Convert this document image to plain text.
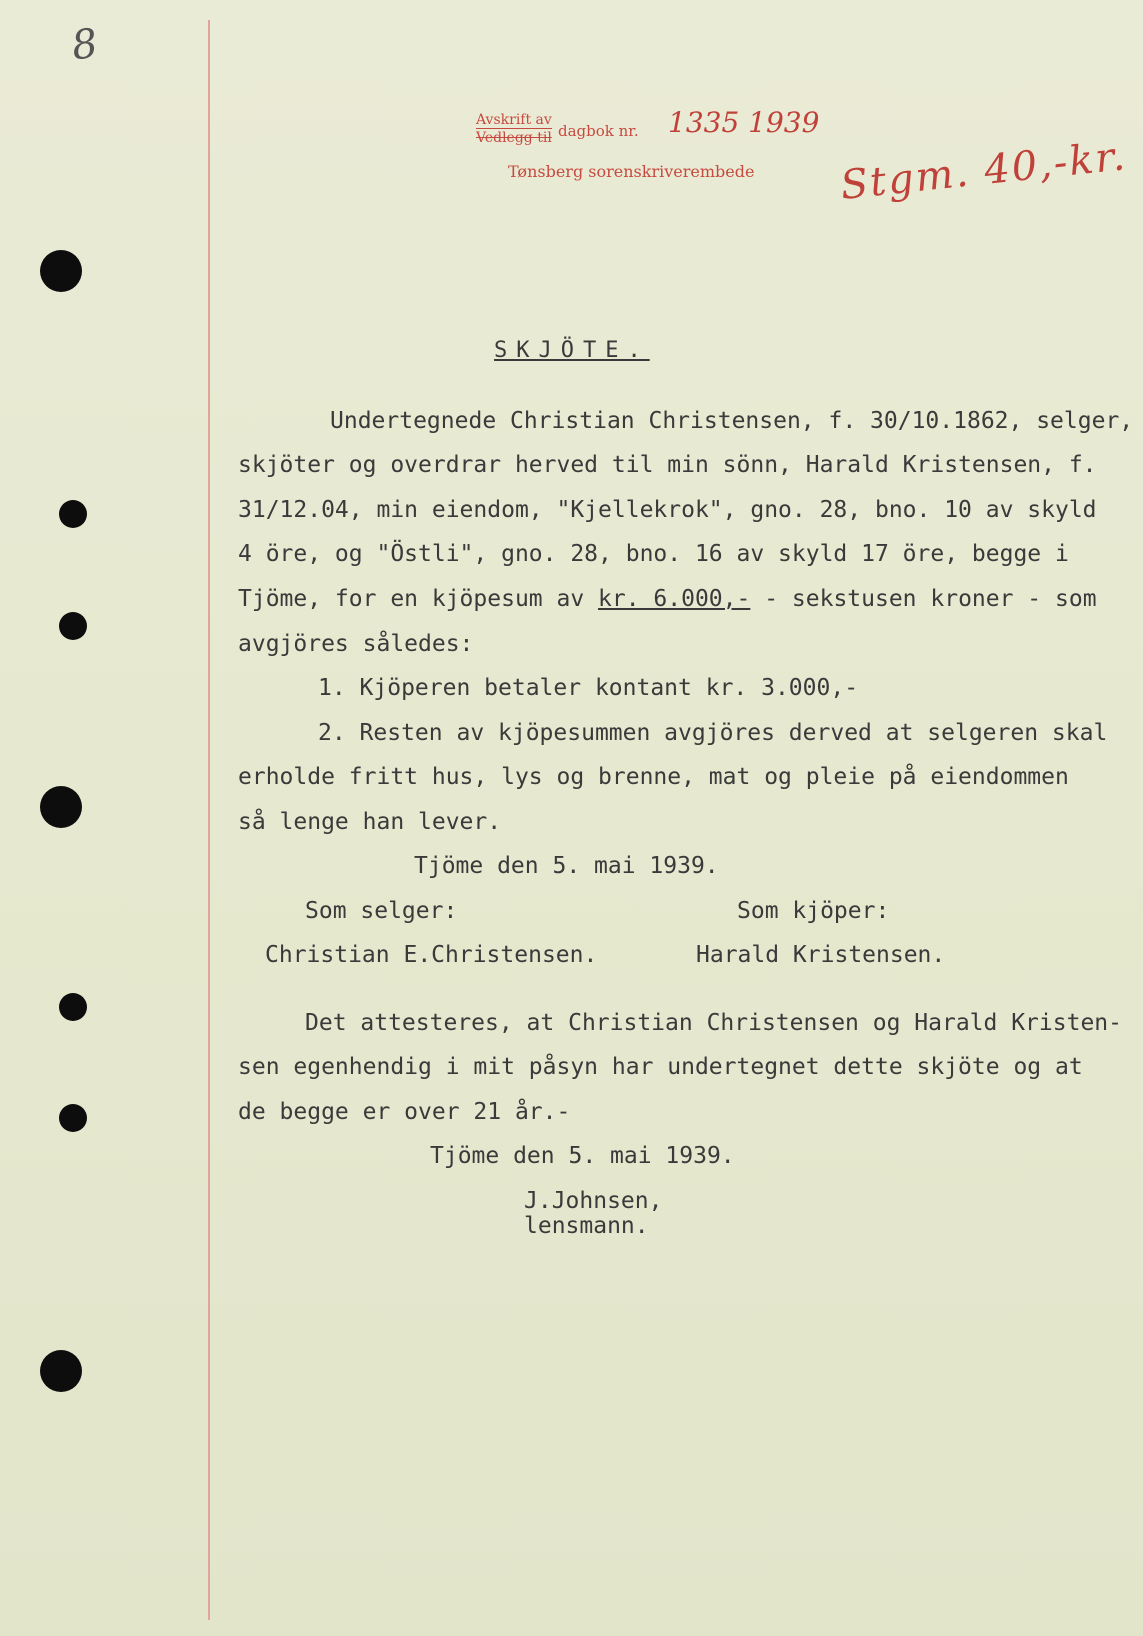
8
Avskrift av
Vedlegg til dagbok nr. 1335 1939
Tønsberg sorenskriverembede Stgm. 40,-kr.
SKJÖTE.
Undertegnede Christian Christensen, f. 30/10.1862, selger,
skjöter og overdrar herved til min sönn, Harald Kristensen, f.
31/12.04, min eiendom, "Kjellekrok", gno. 28, bno. 10 av skyld
4 öre, og "Östli", gno. 28, bno. 16 av skyld 17 öre, begge i
Tjöme, for en kjöpesum av kr. 6.000,- - sekstusen kroner - som
avgjöres således:
1. Kjöperen betaler kontant kr. 3.000,-
2. Resten av kjöpesummen avgjöres derved at selgeren skal
erholde fritt hus, lys og brenne, mat og pleie på eiendommen
så lenge han lever.
Tjöme den 5. mai 1939.
Som selger:	Som kjöper:
Christian E.Christensen.	Harald Kristensen.
Det attesteres, at Christian Christensen og Harald Kristen-
sen egenhendig i mit påsyn har undertegnet dette skjöte og at
de begge er over 21 år.-
Tjöme den 5. mai 1939.
J.Johnsen,
lensmann.
